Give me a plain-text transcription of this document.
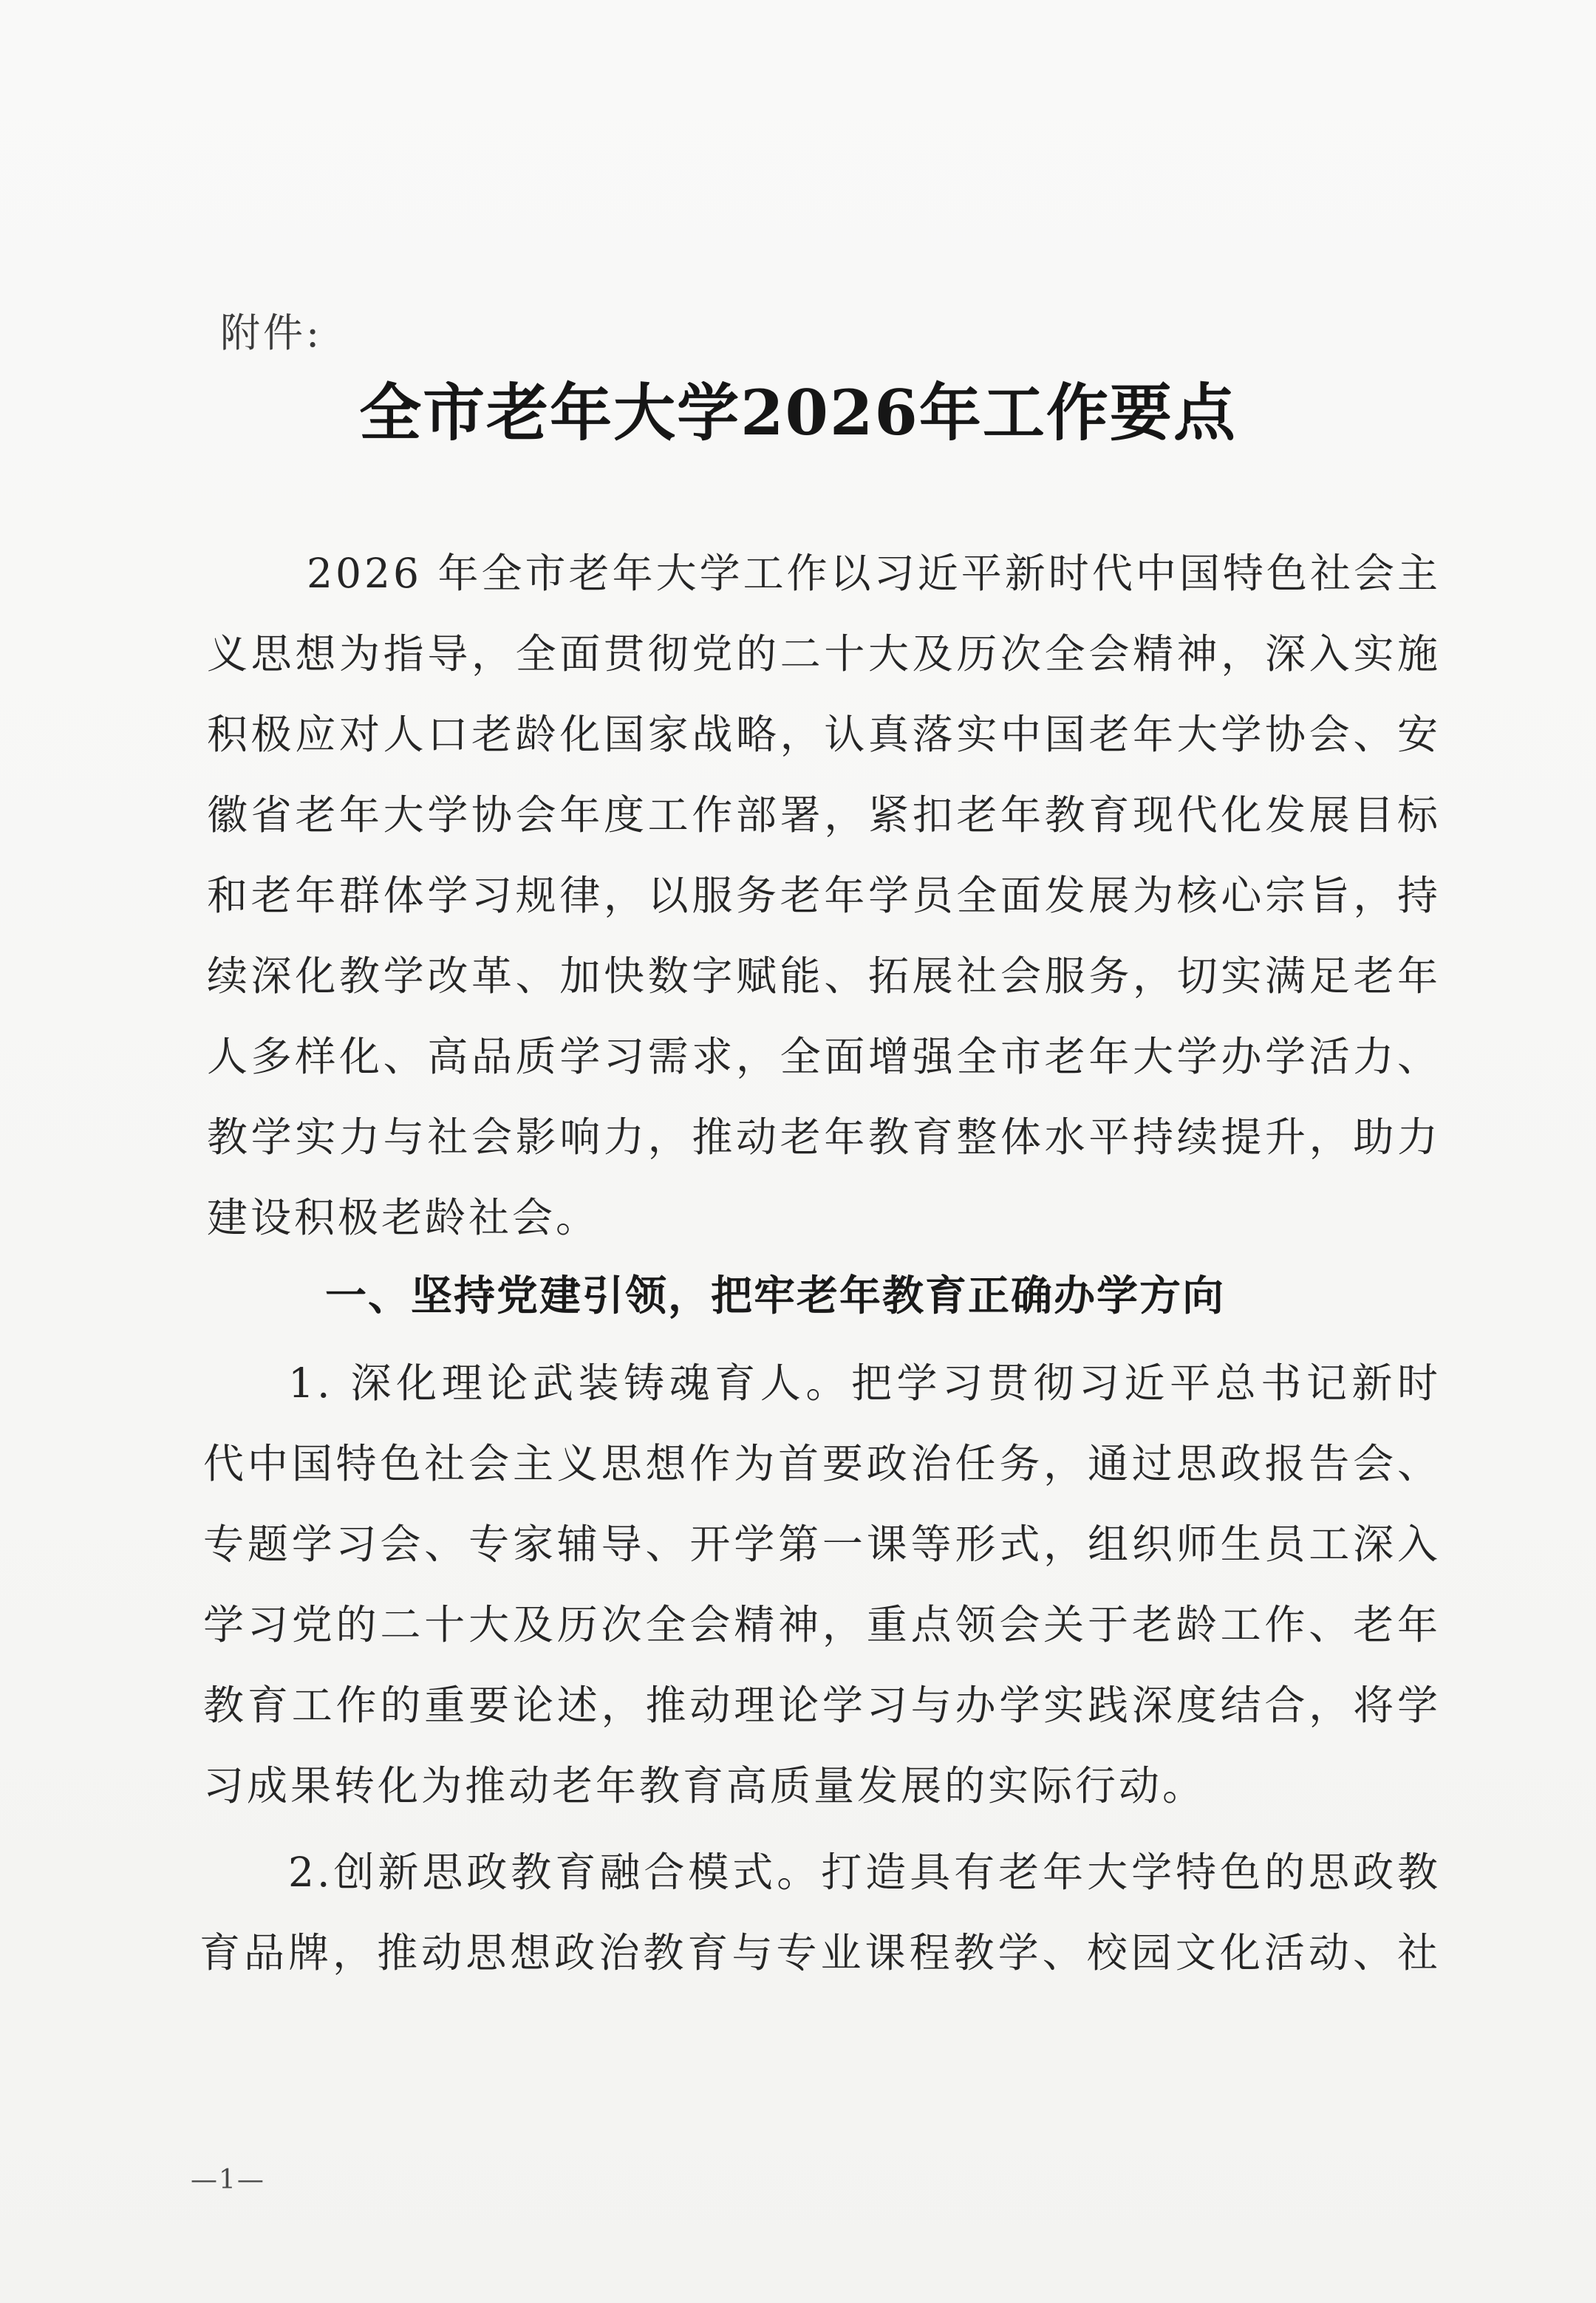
附件:
全市老年大学2026年工作要点
2026 年全市老年大学工作以习近平新时代中国特色社会主
义思想为指导，全面贯彻党的二十大及历次全会精神，深入实施
积极应对人口老龄化国家战略，认真落实中国老年大学协会、安
徽省老年大学协会年度工作部署，紧扣老年教育现代化发展目标
和老年群体学习规律，以服务老年学员全面发展为核心宗旨，持
续深化教学改革、加快数字赋能、拓展社会服务，切实满足老年
人多样化、高品质学习需求，全面增强全市老年大学办学活力、
教学实力与社会影响力，推动老年教育整体水平持续提升，助力
建设积极老龄社会。
一、坚持党建引领，把牢老年教育正确办学方向
1. 深化理论武装铸魂育人。把学习贯彻习近平总书记新时
代中国特色社会主义思想作为首要政治任务，通过思政报告会、
专题学习会、专家辅导、开学第一课等形式，组织师生员工深入
学习党的二十大及历次全会精神，重点领会关于老龄工作、老年
教育工作的重要论述，推动理论学习与办学实践深度结合，将学
习成果转化为推动老年教育高质量发展的实际行动。
2.创新思政教育融合模式。打造具有老年大学特色的思政教
育品牌，推动思想政治教育与专业课程教学、校园文化活动、社
—1—
